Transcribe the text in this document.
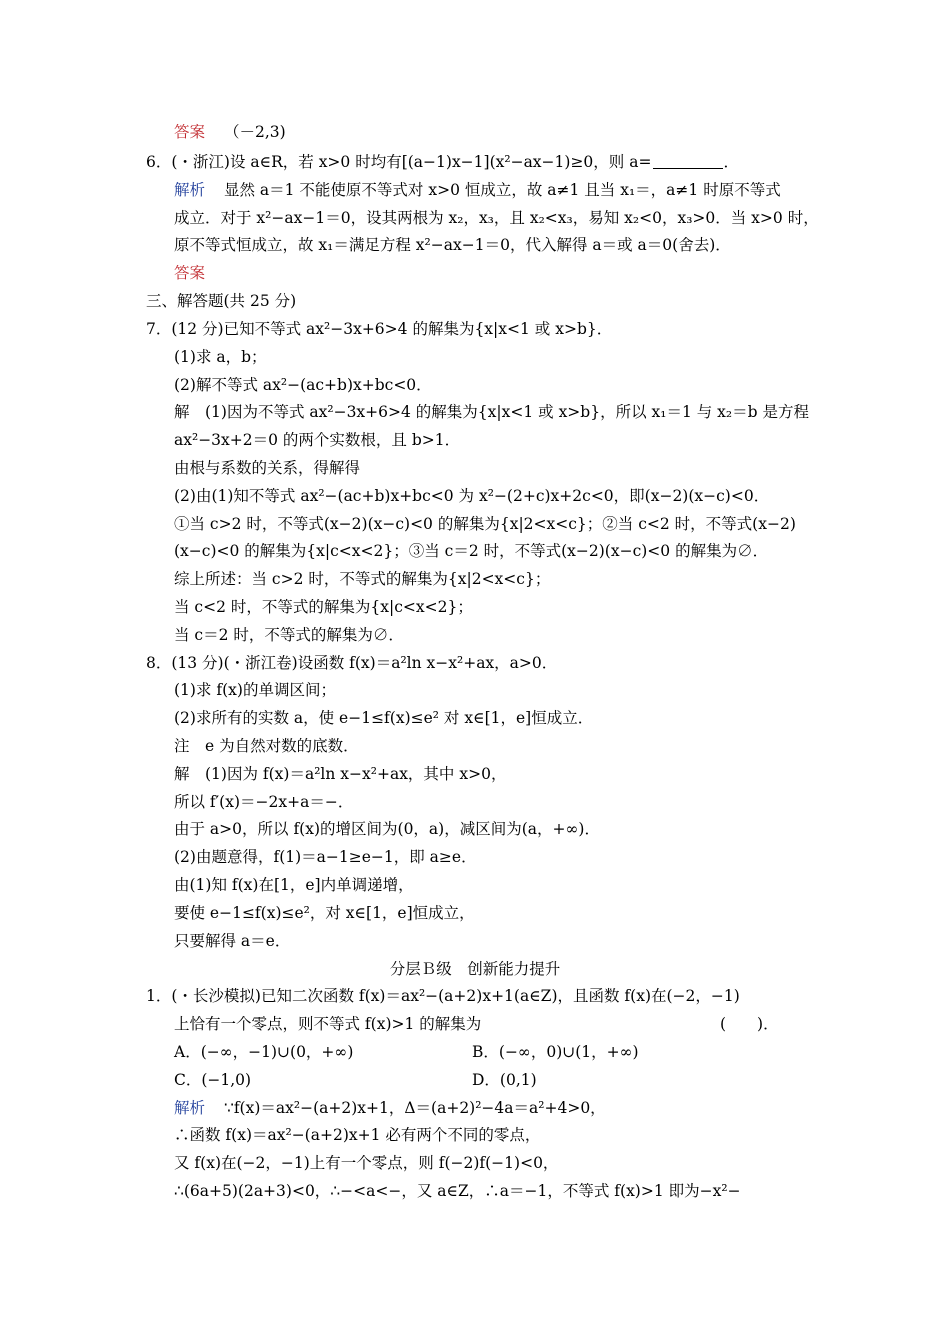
答案 （－2,3)
6．(・浙江)设 a∈R，若 x>0 时均有[(a−1)x−1](x²−ax−1)≥0，则 a=	．
解析 显然 a＝1 不能使原不等式对 x>0 恒成立，故 a≠1 且当 x₁＝，a≠1 时原不等式
成立．对于 x²−ax−1＝0，设其两根为 x₂，x₃，且 x₂<x₃，易知 x₂<0，x₃>0．当 x>0 时，
原不等式恒成立，故 x₁＝满足方程 x²−ax−1＝0，代入解得 a＝或 a＝0(舍去)．
答案
三、解答题(共 25 分)
7．(12 分)已知不等式 ax²−3x+6>4 的解集为{x|x<1 或 x>b}．
(1)求 a，b；
(2)解不等式 ax²−(ac+b)x+bc<0．
解　(1)因为不等式 ax²−3x+6>4 的解集为{x|x<1 或 x>b}，所以 x₁＝1 与 x₂＝b 是方程
ax²−3x+2＝0 的两个实数根，且 b>1．
由根与系数的关系，得解得
(2)由(1)知不等式 ax²−(ac+b)x+bc<0 为 x²−(2+c)x+2c<0，即(x−2)(x−c)<0．
①当 c>2 时，不等式(x−2)(x−c)<0 的解集为{x|2<x<c}；②当 c<2 时，不等式(x−2)
(x−c)<0 的解集为{x|c<x<2}；③当 c＝2 时，不等式(x−2)(x−c)<0 的解集为∅．
综上所述：当 c>2 时，不等式的解集为{x|2<x<c}；
当 c<2 时，不等式的解集为{x|c<x<2}；
当 c＝2 时，不等式的解集为∅．
8．(13 分)(・浙江卷)设函数 f(x)＝a²ln x−x²+ax，a>0．
(1)求 f(x)的单调区间；
(2)求所有的实数 a，使 e−1≤f(x)≤e² 对 x∈[1，e]恒成立．
注　e 为自然对数的底数．
解　(1)因为 f(x)＝a²ln x−x²+ax，其中 x>0，
所以 f′(x)＝−2x+a＝−．
由于 a>0，所以 f(x)的增区间为(0，a)，减区间为(a，+∞)．
(2)由题意得，f(1)＝a−1≥e−1，即 a≥e．
由(1)知 f(x)在[1，e]内单调递增，
要使 e−1≤f(x)≤e²，对 x∈[1，e]恒成立，
只要解得 a＝e．
分层Ｂ级　创新能力提升
1．(・长沙模拟)已知二次函数 f(x)＝ax²−(a+2)x+1(a∈Z)，且函数 f(x)在(−2，−1)
上恰有一个零点，则不等式 f(x)>1 的解集为	(　　)．
A．(−∞，−1)∪(0，+∞)	B．(−∞，0)∪(1，+∞)
C．(−1,0)	D．(0,1)
解析 ∵f(x)＝ax²−(a+2)x+1，Δ＝(a+2)²−4a＝a²+4>0，
∴函数 f(x)＝ax²−(a+2)x+1 必有两个不同的零点，
又 f(x)在(−2，−1)上有一个零点，则 f(−2)f(−1)<0，
∴(6a+5)(2a+3)<0，∴−<a<−，又 a∈Z，∴a＝−1，不等式 f(x)>1 即为−x²−
